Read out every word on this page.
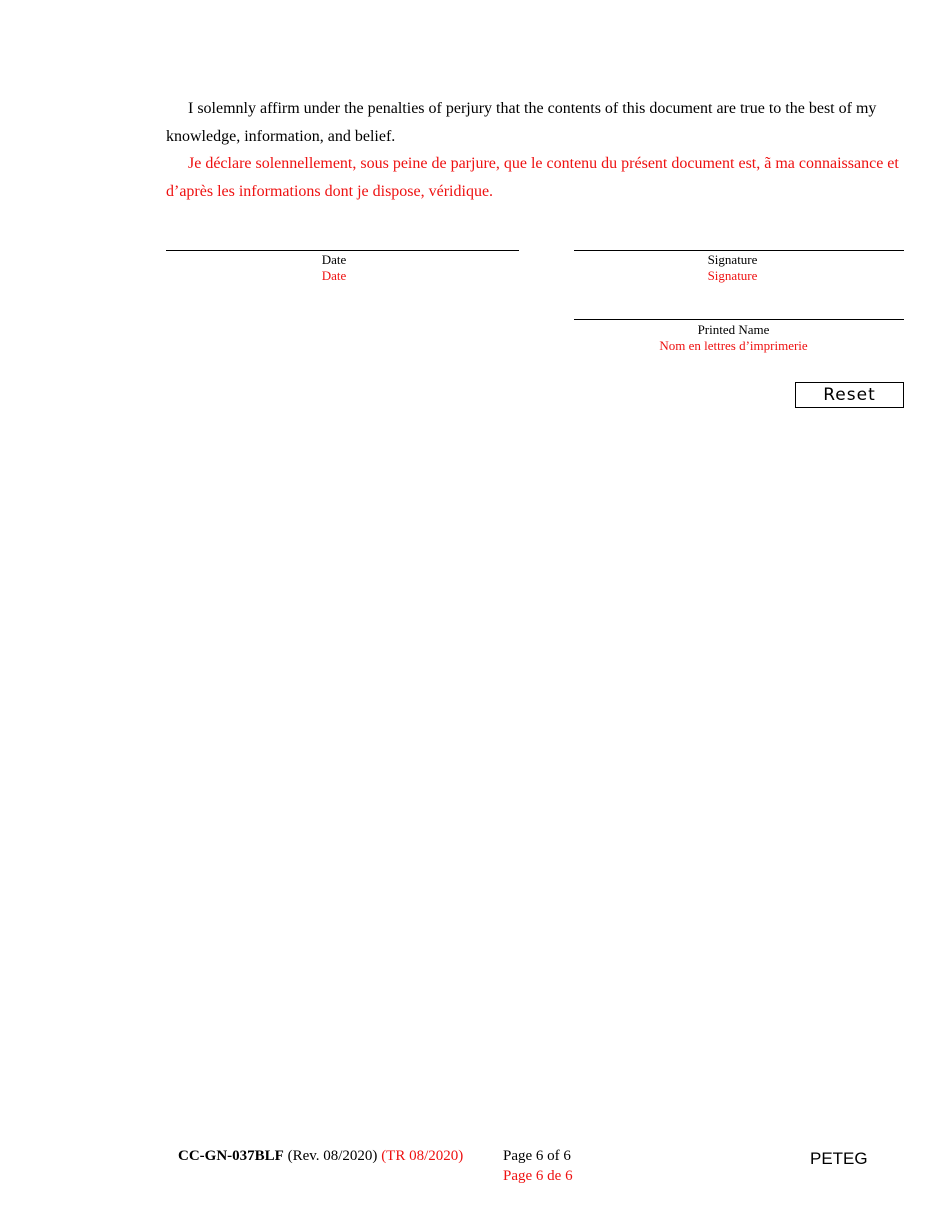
I solemnly affirm under the penalties of perjury that the contents of this document are true to the best of my knowledge, information, and belief.

Je déclare solennellement, sous peine de parjure, que le contenu du présent document est, ã ma connaissance et d’après les informations dont je dispose, véridique.

Date
Date
Signature
Signature
Printed Name
Nom en lettres d’imprimerie
Reset
CC-GN-037BLF (Rev. 08/2020) (TR 08/2020)	Page 6 of 6
Page 6 de 6
PETEG
